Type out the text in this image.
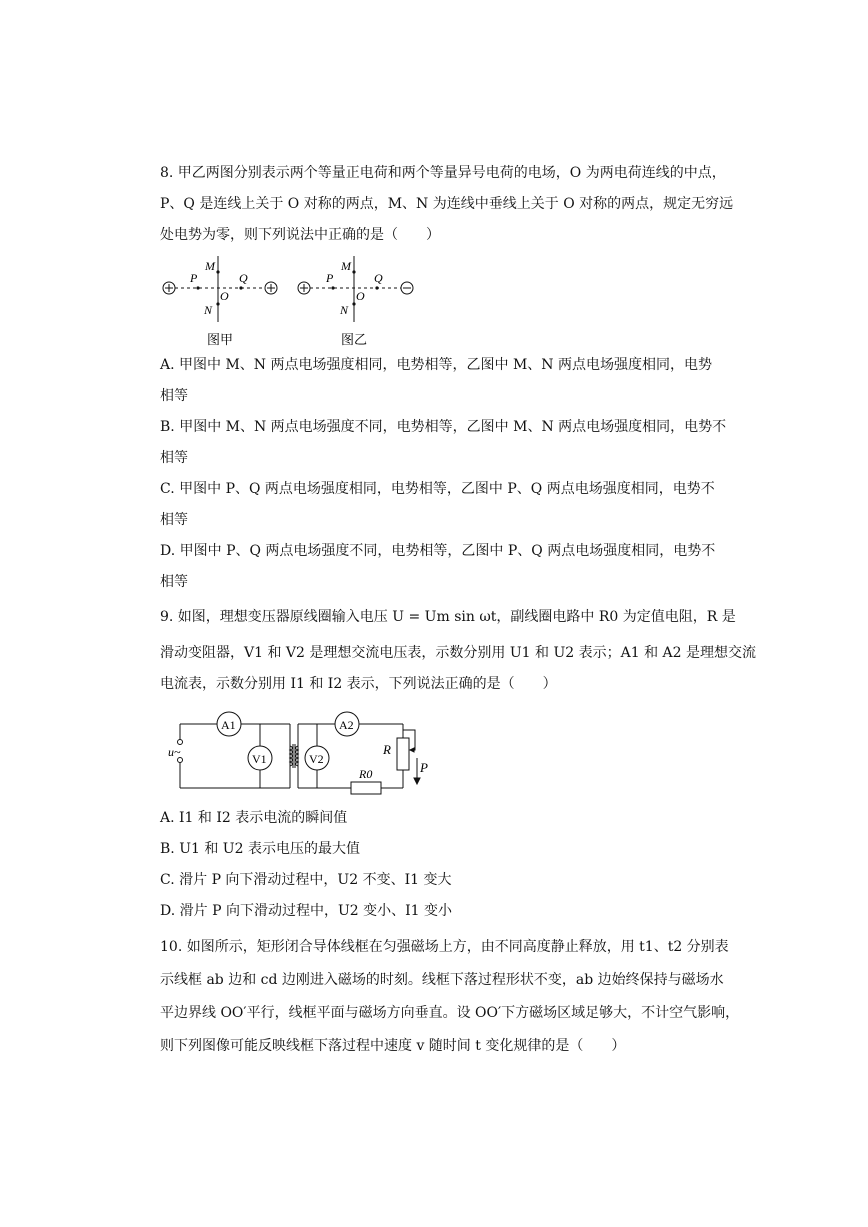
8. 甲乙两图分别表示两个等量正电荷和两个等量异号电荷的电场，O 为两电荷连线的中点，
P、Q 是连线上关于 O 对称的两点，M、N 为连线中垂线上关于 O 对称的两点，规定无穷远
处电势为零，则下列说法中正确的是（　　）
M
N
P	Q
O
M
N
P	Q
O
图甲	图乙
A. 甲图中 M、N 两点电场强度相同，电势相等，乙图中 M、N 两点电场强度相同，电势
相等
B. 甲图中 M、N 两点电场强度不同，电势相等，乙图中 M、N 两点电场强度相同，电势不
相等
C. 甲图中 P、Q 两点电场强度相同，电势相等，乙图中 P、Q 两点电场强度相同，电势不
相等
D. 甲图中 P、Q 两点电场强度不同，电势相等，乙图中 P、Q 两点电场强度相同，电势不
相等
9. 如图，理想变压器原线圈输入电压 U = Um sin ωt，副线圈电路中 R0 为定值电阻，R 是
滑动变阻器，V1 和 V2 是理想交流电压表，示数分别用 U1 和 U2 表示；A1 和 A2 是理想交流
电流表，示数分别用 I1 和 I2 表示，下列说法正确的是（　　）
A1
V1
A2
V2
R
R0	P
u~
A. I1 和 I2 表示电流的瞬间值
B. U1 和 U2 表示电压的最大值
C. 滑片 P 向下滑动过程中，U2 不变、I1 变大
D. 滑片 P 向下滑动过程中，U2 变小、I1 变小
10. 如图所示，矩形闭合导体线框在匀强磁场上方，由不同高度静止释放，用 t1、t2 分别表
示线框 ab 边和 cd 边刚进入磁场的时刻。线框下落过程形状不变，ab 边始终保持与磁场水
平边界线 OO′平行，线框平面与磁场方向垂直。设 OO′下方磁场区域足够大，不计空气影响，
则下列图像可能反映线框下落过程中速度 v 随时间 t 变化规律的是（　　）
